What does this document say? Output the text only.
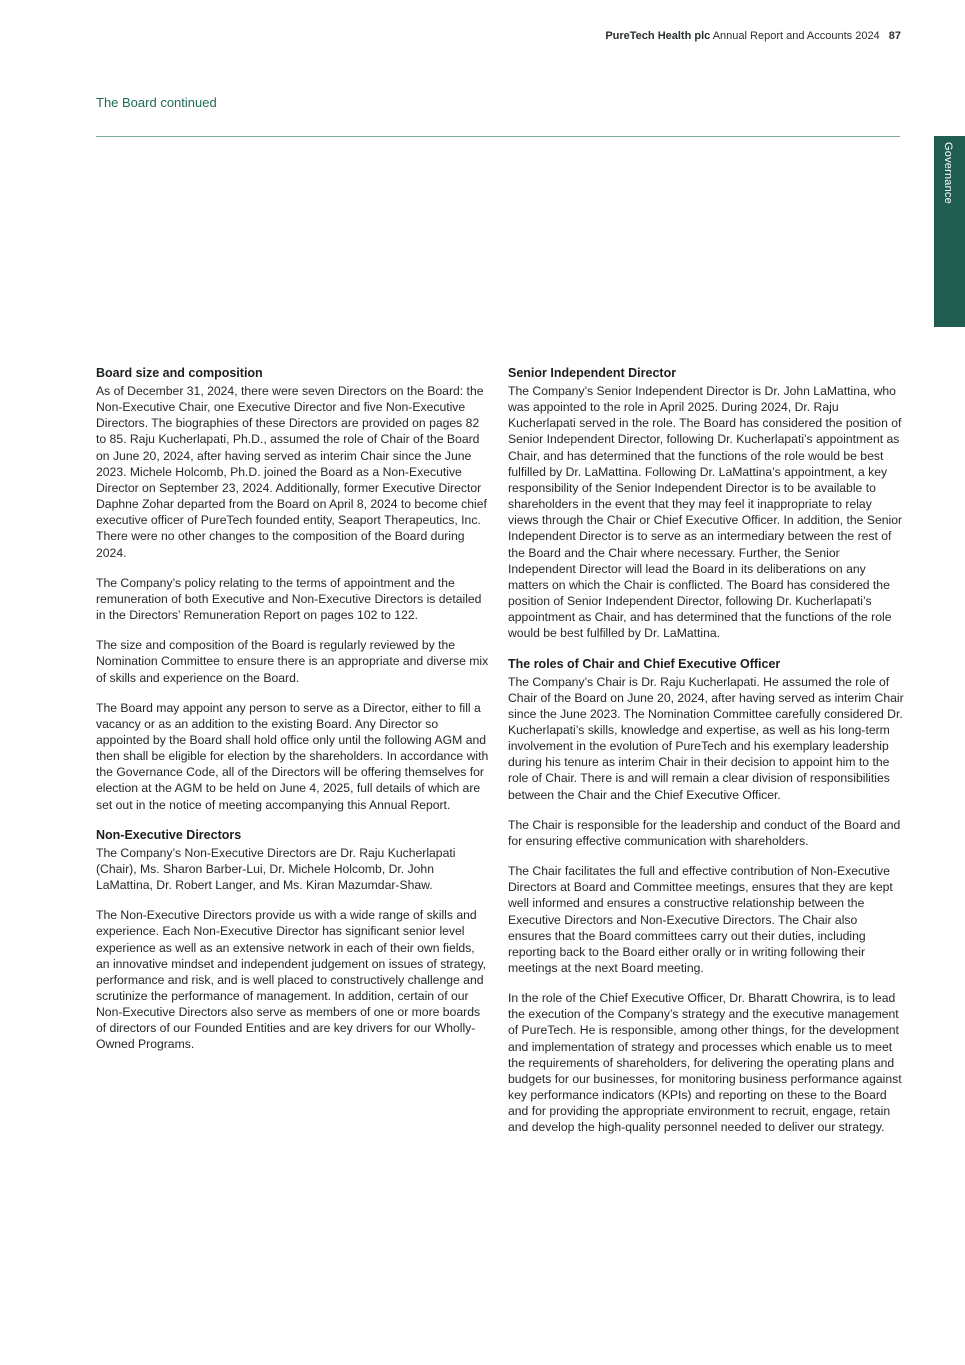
PureTech Health plc Annual Report and Accounts 2024 87
The Board continued
Governance
Board size and composition

As of December 31, 2024, there were seven Directors on the Board: the Non-Executive Chair, one Executive Director and five Non-Executive Directors. The biographies of these Directors are provided on pages 82 to 85. Raju Kucherlapati, Ph.D., assumed the role of Chair of the Board on June 20, 2024, after having served as interim Chair since the June 2023. Michele Holcomb, Ph.D. joined the Board as a Non-Executive Director on September 23, 2024. Additionally, former Executive Director Daphne Zohar departed from the Board on April 8, 2024 to become chief executive officer of PureTech founded entity, Seaport Therapeutics, Inc. There were no other changes to the composition of the Board during 2024.

The Company’s policy relating to the terms of appointment and the remuneration of both Executive and Non-Executive Directors is detailed in the Directors’ Remuneration Report on pages 102 to 122.

The size and composition of the Board is regularly reviewed by the Nomination Committee to ensure there is an appropriate and diverse mix of skills and experience on the Board.

The Board may appoint any person to serve as a Director, either to fill a vacancy or as an addition to the existing Board. Any Director so appointed by the Board shall hold office only until the following AGM and then shall be eligible for election by the shareholders. In accordance with the Governance Code, all of the Directors will be offering themselves for election at the AGM to be held on June 4, 2025, full details of which are set out in the notice of meeting accompanying this Annual Report.

Non-Executive Directors

The Company’s Non-Executive Directors are Dr. Raju Kucherlapati (Chair), Ms. Sharon Barber-Lui, Dr. Michele Holcomb, Dr. John LaMattina, Dr. Robert Langer, and Ms. Kiran Mazumdar-Shaw.

The Non-Executive Directors provide us with a wide range of skills and experience. Each Non-Executive Director has significant senior level experience as well as an extensive network in each of their own fields, an innovative mindset and independent judgement on issues of strategy, performance and risk, and is well placed to constructively challenge and scrutinize the performance of management. In addition, certain of our Non-Executive Directors also serve as members of one or more boards of directors of our Founded Entities and are key drivers for our Wholly-Owned Programs.

Senior Independent Director

The Company’s Senior Independent Director is Dr. John LaMattina, who was appointed to the role in April 2025. During 2024, Dr. Raju Kucherlapati served in the role. The Board has considered the position of Senior Independent Director, following Dr. Kucherlapati’s appointment as Chair, and has determined that the functions of the role would be best fulfilled by Dr. LaMattina. Following Dr. LaMattina’s appointment, a key responsibility of the Senior Independent Director is to be available to shareholders in the event that they may feel it inappropriate to relay views through the Chair or Chief Executive Officer. In addition, the Senior Independent Director is to serve as an intermediary between the rest of the Board and the Chair where necessary. Further, the Senior Independent Director will lead the Board in its deliberations on any matters on which the Chair is conflicted. The Board has considered the position of Senior Independent Director, following Dr. Kucherlapati’s appointment as Chair, and has determined that the functions of the role would be best fulfilled by Dr. LaMattina.

The roles of Chair and Chief Executive Officer

The Company’s Chair is Dr. Raju Kucherlapati. He assumed the role of Chair of the Board on June 20, 2024, after having served as interim Chair since the June 2023. The Nomination Committee carefully considered Dr. Kucherlapati’s skills, knowledge and expertise, as well as his long-term involvement in the evolution of PureTech and his exemplary leadership during his tenure as interim Chair in their decision to appoint him to the role of Chair. There is and will remain a clear division of responsibilities between the Chair and the Chief Executive Officer.

The Chair is responsible for the leadership and conduct of the Board and for ensuring effective communication with shareholders.

The Chair facilitates the full and effective contribution of Non-Executive Directors at Board and Committee meetings, ensures that they are kept well informed and ensures a constructive relationship between the Executive Directors and Non-Executive Directors. The Chair also ensures that the Board committees carry out their duties, including reporting back to the Board either orally or in writing following their meetings at the next Board meeting.

In the role of the Chief Executive Officer, Dr. Bharatt Chowrira, is to lead the execution of the Company’s strategy and the executive management of PureTech. He is responsible, among other things, for the development and implementation of strategy and processes which enable us to meet the requirements of shareholders, for delivering the operating plans and budgets for our businesses, for monitoring business performance against key performance indicators (KPIs) and reporting on these to the Board and for providing the appropriate environment to recruit, engage, retain and develop the high-quality personnel needed to deliver our strategy.
